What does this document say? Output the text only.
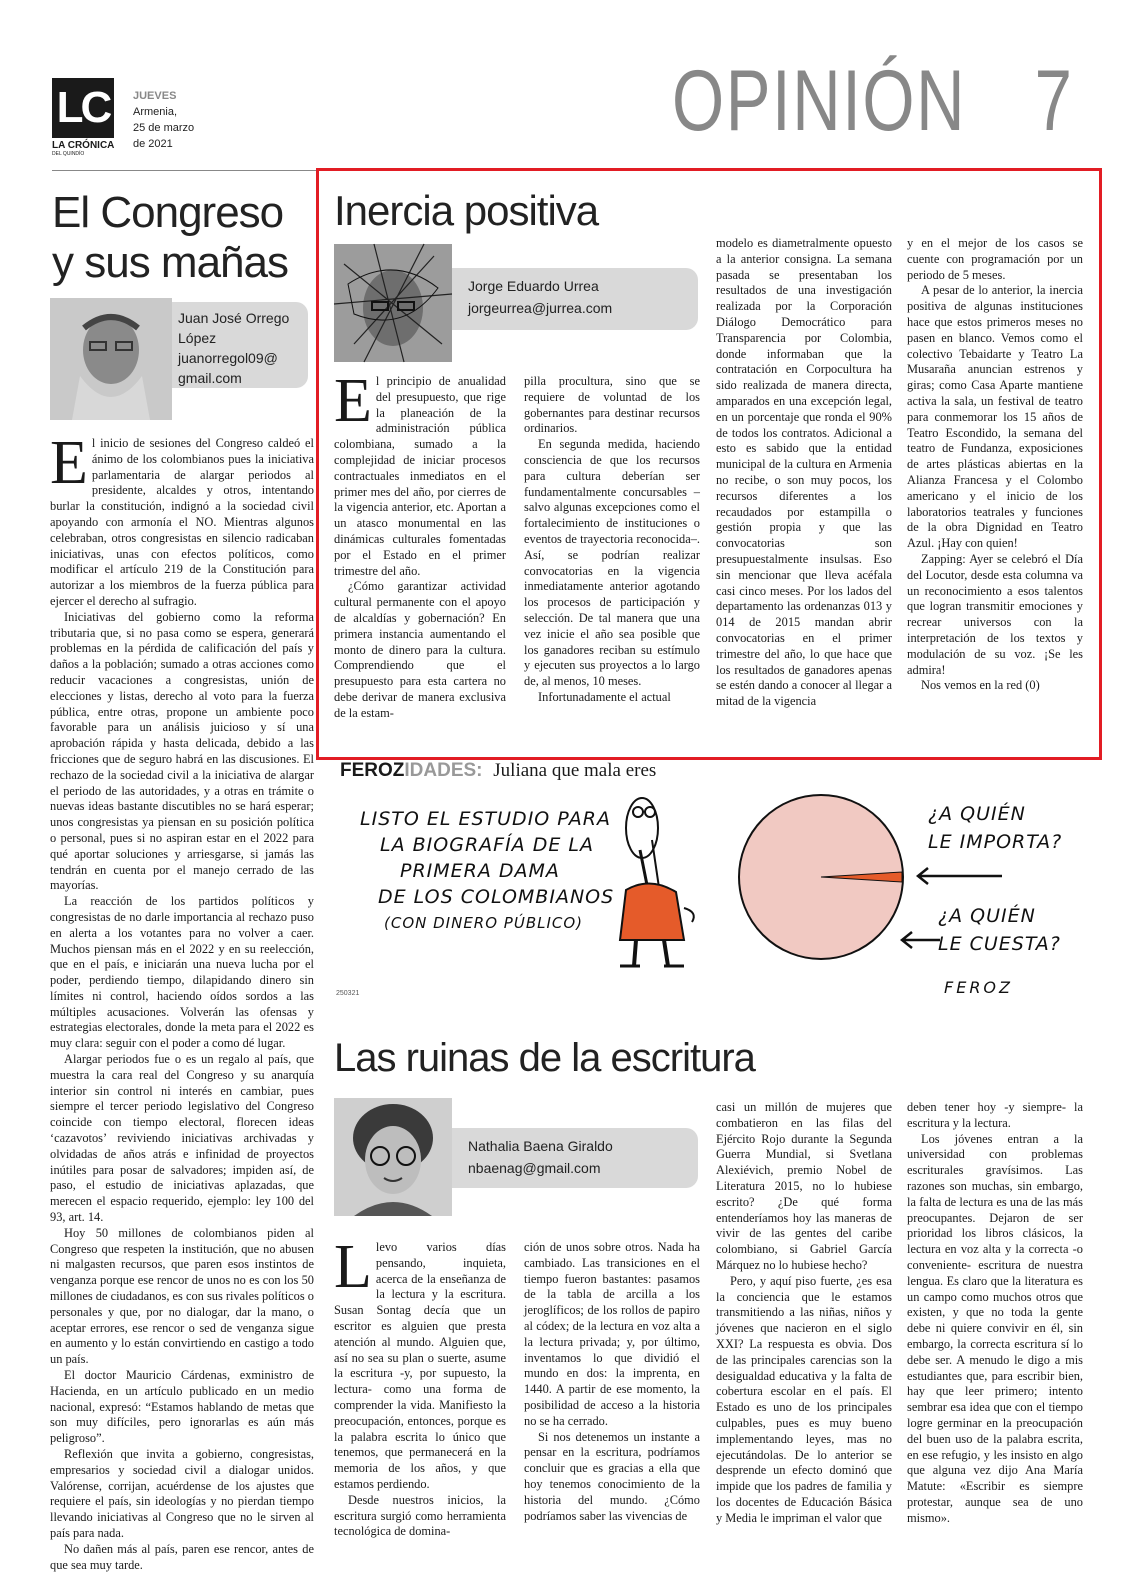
LC
LA CRÓNICA
DEL QUINDÍO
JUEVES
Armenia,
25 de marzo
de 2021	OPINIÓN 7
El Congreso
y sus mañas
Juan José Orrego López
juanorregol09@ gmail.com
E l inicio de sesiones del Congreso caldeó el ánimo de los colombianos pues la iniciativa parlamentaria de alargar periodos al presidente, alcaldes y otros, intentando burlar la constitución, indignó a la sociedad civil apoyando con armonía el NO. Mientras algunos celebraban, otros congresistas en silencio radicaban iniciativas, unas con efectos políticos, como modificar el artículo 219 de la Constitución para autorizar a los miembros de la fuerza pública para ejercer el derecho al sufragio.

Iniciativas del gobierno como la reforma tributaria que, si no pasa como se espera, generará problemas en la pérdida de calificación del país y daños a la población; sumado a otras acciones como reducir vacaciones a congresistas, unión de elecciones y listas, derecho al voto para la fuerza pública, entre otras, propone un ambiente poco favorable para un análisis juicioso y sí una aprobación rápida y hasta delicada, debido a las fricciones que de seguro habrá en las discusiones. El rechazo de la sociedad civil a la iniciativa de alargar el periodo de las autoridades, y a otras en trámite o nuevas ideas bastante discutibles no se hará esperar; unos congresistas ya piensan en su posición política o personal, pues si no aspiran estar en el 2022 para qué aportar soluciones y arriesgarse, si jamás las tendrán en cuenta por el manejo cerrado de las mayorías.

La reacción de los partidos políticos y congresistas de no darle importancia al rechazo puso en alerta a los votantes para no volver a caer. Muchos piensan más en el 2022 y en su reelección, que en el país, e iniciarán una nueva lucha por el poder, perdiendo tiempo, dilapidando dinero sin límites ni control, haciendo oídos sordos a las múltiples acusaciones. Volverán las ofensas y estrategias electorales, donde la meta para el 2022 es muy clara: seguir con el poder a como dé lugar.

Alargar periodos fue o es un regalo al país, que muestra la cara real del Congreso y su anarquía interior sin control ni interés en cambiar, pues siempre el tercer periodo legislativo del Congreso coincide con tiempo electoral, florecen ideas ‘cazavotos’ reviviendo iniciativas archivadas y olvidadas de años atrás e infinidad de proyectos inútiles para posar de salvadores; impiden así, de paso, el estudio de iniciativas aplazadas, que merecen el espacio requerido, ejemplo: ley 100 del 93, art. 14.

Hoy 50 millones de colombianos piden al Congreso que respeten la institución, que no abusen ni malgasten recursos, que paren esos instintos de venganza porque ese rencor de unos no es con los 50 millones de ciudadanos, es con sus rivales políticos o personales y que, por no dialogar, dar la mano, o aceptar errores, ese rencor o sed de venganza sigue en aumento y lo están convirtiendo en castigo a todo un país.

El doctor Mauricio Cárdenas, exministro de Hacienda, en un artículo publicado en un medio nacional, expresó: “Estamos hablando de metas que son muy difíciles, pero ignorarlas es aún más peligroso”.

Reflexión que invita a gobierno, congresistas, empresarios y sociedad civil a dialogar unidos. Valórense, corrijan, acuérdense de los ajustes que requiere el país, sin ideologías y no pierdan tiempo llevando iniciativas al Congreso que no le sirven al país para nada.

No dañen más al país, paren ese rencor, antes de que sea muy tarde.

Inercia positiva
Jorge Eduardo Urrea
jorgeurrea@jurrea.com
E l principio de anualidad del presupuesto, que rige la planeación de la administración pública colombiana, sumado a la complejidad de iniciar procesos contractuales inmediatos en el primer mes del año, por cierres de la vigencia anterior, etc. Aportan a un atasco monumental en las dinámicas culturales fomentadas por el Estado en el primer trimestre del año.

¿Cómo garantizar actividad cultural permanente con el apoyo de alcaldías y gobernación? En primera instancia aumentando el monto de dinero para la cultura. Comprendiendo que el presupuesto para esta cartera no debe derivar de manera exclusiva de la estam-

pilla procultura, sino que se requiere de voluntad de los gobernantes para destinar recursos ordinarios.

En segunda medida, haciendo consciencia de que los recursos para cultura deberían ser fundamentalmente concursables –salvo algunas excepciones como el fortalecimiento de instituciones o eventos de trayectoria reconocida–. Así, se podrían realizar convocatorias en la vigencia inmediatamente anterior agotando los procesos de participación y selección. De tal manera que una vez inicie el año sea posible que los ganadores reciban su estímulo y ejecuten sus proyectos a lo largo de, al menos, 10 meses.

Infortunadamente el actual

modelo es diametralmente opuesto a la anterior consigna. La semana pasada se presentaban los resultados de una investigación realizada por la Corporación Diálogo Democrático para Transparencia por Colombia, donde informaban que la contratación en Corpocultura ha sido realizada de manera directa, amparados en una excepción legal, en un porcentaje que ronda el 90% de todos los contratos. Adicional a esto es sabido que la entidad municipal de la cultura en Armenia no recibe, o son muy pocos, los recursos diferentes a los recaudados por estampilla o gestión propia y que las convocatorias son presupuestalmente insulsas. Eso sin mencionar que lleva acéfala casi cinco meses. Por los lados del departamento las ordenanzas 013 y 014 de 2015 mandan abrir convocatorias en el primer trimestre del año, lo que hace que los resultados de ganadores apenas se estén dando a conocer al llegar a mitad de la vigencia

y en el mejor de los casos se cuente con programación por un periodo de 5 meses.

A pesar de lo anterior, la inercia positiva de algunas instituciones hace que estos primeros meses no pasen en blanco. Vemos como el colectivo Tebaidarte y Teatro La Musaraña anuncian estrenos y giras; como Casa Aparte mantiene activa la sala, un festival de teatro para conmemorar los 15 años de Teatro Escondido, la semana del teatro de Fundanza, exposiciones de artes plásticas abiertas en la Alianza Francesa y el Colombo americano y el inicio de los laboratorios teatrales y funciones de la obra Dignidad en Teatro Azul. ¡Hay con quien!

Zapping: Ayer se celebró el Día del Locutor, desde esta columna va un reconocimiento a esos talentos que logran transmitir emociones y recrear universos con la interpretación de los textos y modulación de su voz. ¡Se les admira!

Nos vemos en la red (0)

FEROZIDADES: Juliana que mala eres
LISTO EL ESTUDIO PARA
LA BIOGRAFÍA DE LA
PRIMERA DAMA
DE LOS COLOMBIANOS
(CON DINERO PÚBLICO)
¿A QUIÉN
LE IMPORTA?
¿A QUIÉN
LE CUESTA?
FEROZ
250321
Las ruinas de la escritura
Nathalia Baena Giraldo
nbaenag@gmail.com
L levo varios días pensando, inquieta, acerca de la enseñanza de la lectura y la escritura. Susan Sontag decía que un escritor es alguien que presta atención al mundo. Alguien que, así no sea su plan o suerte, asume la escritura -y, por supuesto, la lectura- como una forma de comprender la vida. Manifiesto la preocupación, entonces, porque es la palabra escrita lo único que tenemos, que permanecerá en la memoria de los años, y que estamos perdiendo.

Desde nuestros inicios, la escritura surgió como herramienta tecnológica de domina-

ción de unos sobre otros. Nada ha cambiado. Las transiciones en el tiempo fueron bastantes: pasamos de la tabla de arcilla a los jeroglíficos; de los rollos de papiro al códex; de la lectura en voz alta a la lectura privada; y, por último, inventamos lo que dividió el mundo en dos: la imprenta, en 1440. A partir de ese momento, la posibilidad de acceso a la historia no se ha cerrado.

Si nos detenemos un instante a pensar en la escritura, podríamos concluir que es gracias a ella que hoy tenemos conocimiento de la historia del mundo. ¿Cómo podríamos saber las vivencias de

casi un millón de mujeres que combatieron en las filas del Ejército Rojo durante la Segunda Guerra Mundial, si Svetlana Alexiévich, premio Nobel de Literatura 2015, no lo hubiese escrito? ¿De qué forma entenderíamos hoy las maneras de vivir de las gentes del caribe colombiano, si Gabriel García Márquez no lo hubiese hecho?

Pero, y aquí piso fuerte, ¿es esa la conciencia que le estamos transmitiendo a las niñas, niños y jóvenes que nacieron en el siglo XXI? La respuesta es obvia. Dos de las principales carencias son la desigualdad educativa y la falta de cobertura escolar en el país. El Estado es uno de los principales culpables, pues es muy bueno implementando leyes, mas no ejecutándolas. De lo anterior se desprende un efecto dominó que impide que los padres de familia y los docentes de Educación Básica y Media le impriman el valor que

deben tener hoy -y siempre- la escritura y la lectura.

Los jóvenes entran a la universidad con problemas escriturales gravísimos. Las razones son muchas, sin embargo, la falta de lectura es una de las más preocupantes. Dejaron de ser prioridad los libros clásicos, la lectura en voz alta y la correcta -o conveniente- escritura de nuestra lengua. Es claro que la literatura es un campo como muchos otros que existen, y que no toda la gente debe ni quiere convivir en él, sin embargo, la correcta escritura sí lo debe ser. A menudo le digo a mis estudiantes que, para escribir bien, hay que leer primero; intento sembrar esa idea que con el tiempo logre germinar en la preocupación del buen uso de la palabra escrita, en ese refugio, y les insisto en algo que alguna vez dijo Ana María Matute: «Escribir es siempre protestar, aunque sea de uno mismo».
